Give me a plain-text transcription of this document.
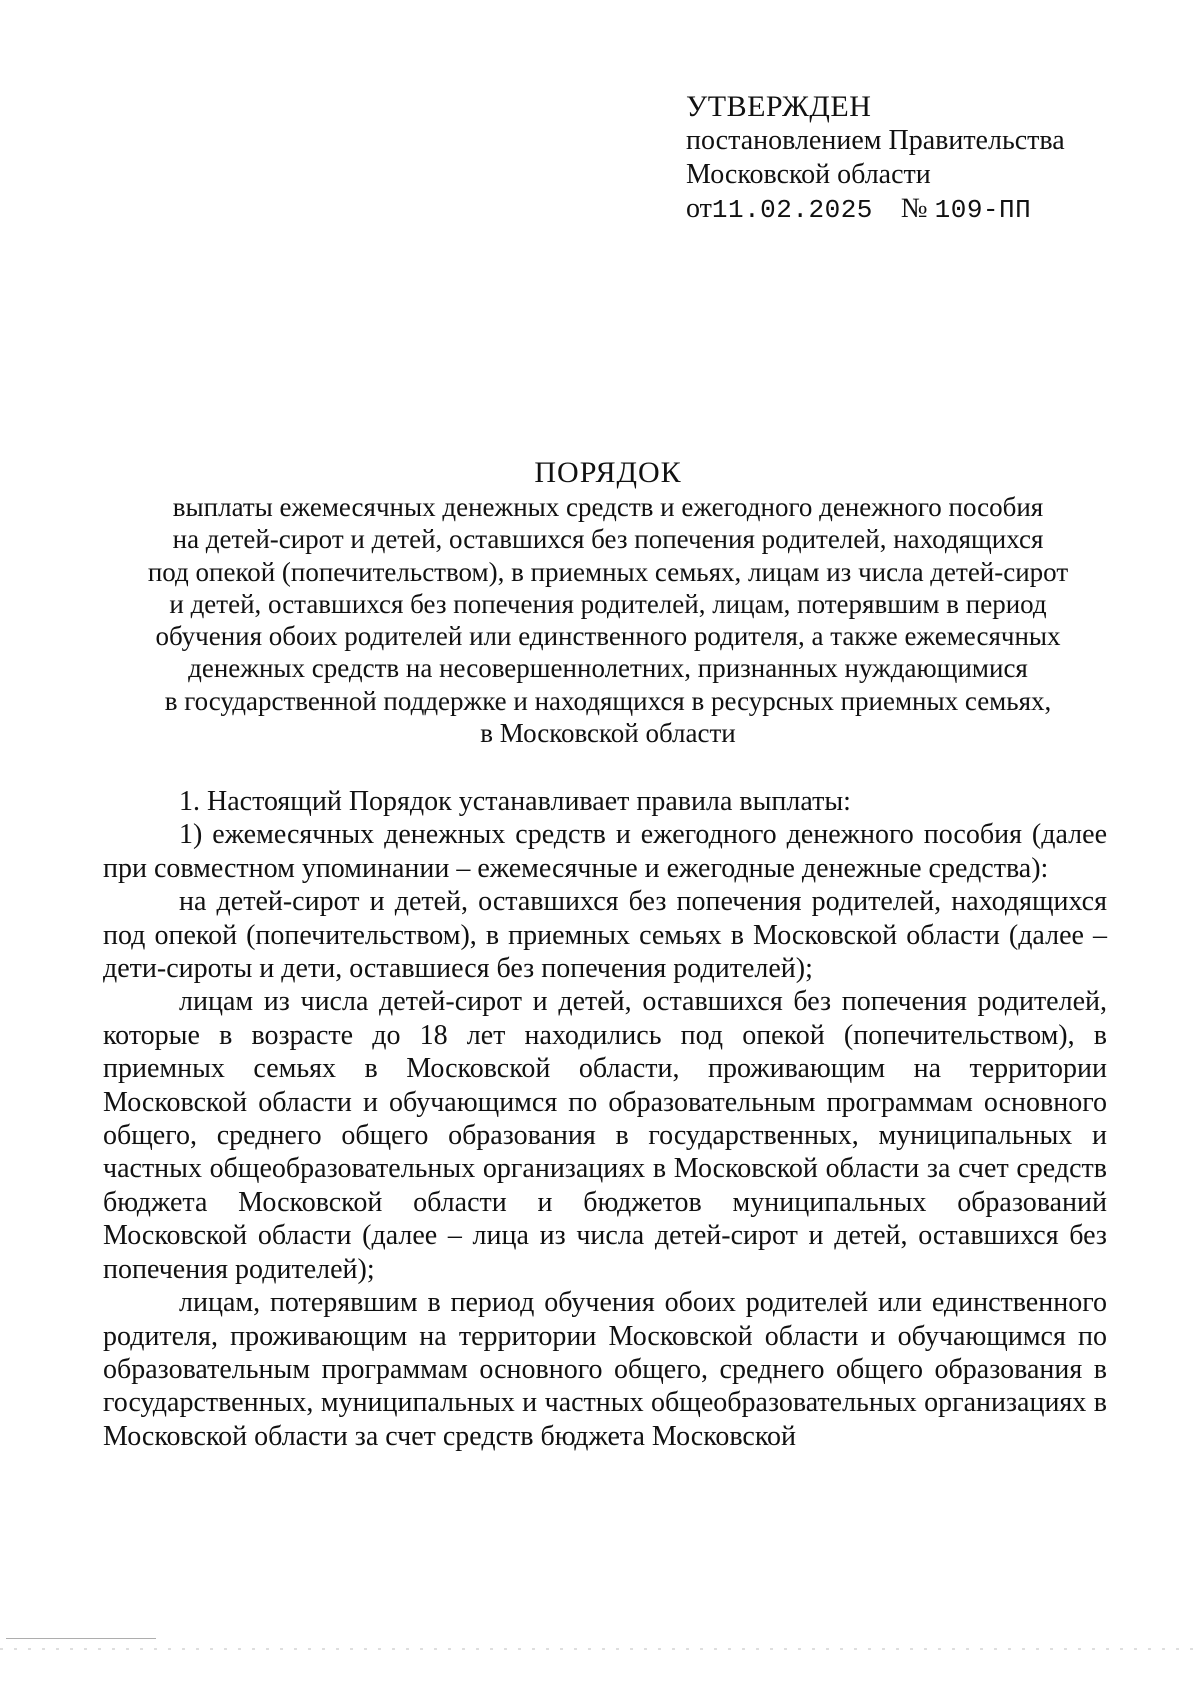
УТВЕРЖДЕН
постановлением Правительства
Московской области
от11.02.2025 № 109-ПП
ПОРЯДОК
выплаты ежемесячных денежных средств и ежегодного денежного пособия
на детей-сирот и детей, оставшихся без попечения родителей, находящихся
под опекой (попечительством), в приемных семьях, лицам из числа детей-сирот
и детей, оставшихся без попечения родителей, лицам, потерявшим в период
обучения обоих родителей или единственного родителя, а также ежемесячных
денежных средств на несовершеннолетних, признанных нуждающимися
в государственной поддержке и находящихся в ресурсных приемных семьях,
в Московской области

1. Настоящий Порядок устанавливает правила выплаты:

1) ежемесячных денежных средств и ежегодного денежного пособия (далее при совместном упоминании – ежемесячные и ежегодные денежные средства):

на детей-сирот и детей, оставшихся без попечения родителей, находящихся под опекой (попечительством), в приемных семьях в Московской области (далее – дети-сироты и дети, оставшиеся без попечения родителей);

лицам из числа детей-сирот и детей, оставшихся без попечения родителей, которые в возрасте до 18 лет находились под опекой (попечительством), в приемных семьях в Московской области, проживающим на территории Московской области и обучающимся по образовательным программам основного общего, среднего общего образования в государственных, муниципальных и частных общеобразовательных организациях в Московской области за счет средств бюджета Московской области и бюджетов муниципальных образований Московской области (далее – лица из числа детей-сирот и детей, оставшихся без попечения родителей);

лицам, потерявшим в период обучения обоих родителей или единственного родителя, проживающим на территории Московской области и обучающимся по образовательным программам основного общего, среднего общего образования в государственных, муниципальных и частных общеобразовательных организациях в Московской области за счет средств бюджета Московской
